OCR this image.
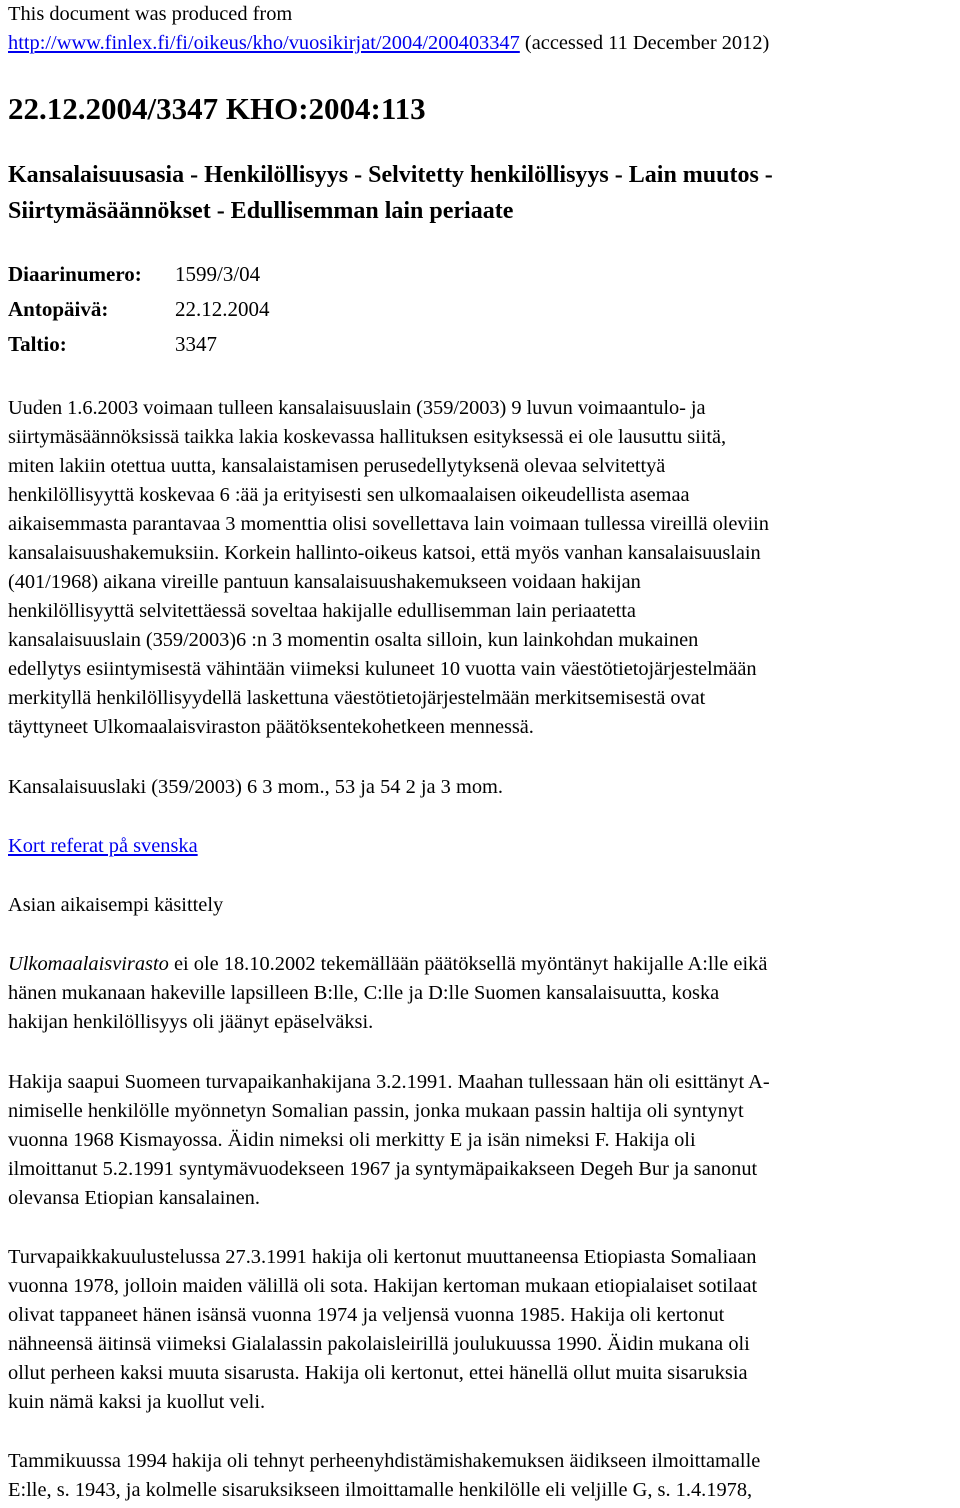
This document was produced from
http://www.finlex.fi/fi/oikeus/kho/vuosikirjat/2004/200403347 (accessed 11 December 2012)
22.12.2004/3347 KHO:2004:113
Kansalaisuusasia - Henkilöllisyys - Selvitetty henkilöllisyys - Lain muutos - Siirtymäsäännökset - Edullisemman lain periaate
Diaarinumero:	1599/3/04
Antopäivä:	22.12.2004
Taltio:	3347
Uuden 1.6.2003 voimaan tulleen kansalaisuuslain (359/2003) 9 luvun voimaantulo- ja
siirtymäsäännöksissä taikka lakia koskevassa hallituksen esityksessä ei ole lausuttu siitä,
miten lakiin otettua uutta, kansalaistamisen perusedellytyksenä olevaa selvitettyä
henkilöllisyyttä koskevaa 6 :ää ja erityisesti sen ulkomaalaisen oikeudellista asemaa
aikaisemmasta parantavaa 3 momenttia olisi sovellettava lain voimaan tullessa vireillä oleviin
kansalaisuushakemuksiin. Korkein hallinto-oikeus katsoi, että myös vanhan kansalaisuuslain
(401/1968) aikana vireille pantuun kansalaisuushakemukseen voidaan hakijan
henkilöllisyyttä selvitettäessä soveltaa hakijalle edullisemman lain periaatetta
kansalaisuuslain (359/2003)6 :n 3 momentin osalta silloin, kun lainkohdan mukainen
edellytys esiintymisestä vähintään viimeksi kuluneet 10 vuotta vain väestötietojärjestelmään
merkityllä henkilöllisyydellä laskettuna väestötietojärjestelmään merkitsemisestä ovat
täyttyneet Ulkomaalaisviraston päätöksentekohetkeen mennessä.
Kansalaisuuslaki (359/2003) 6 3 mom., 53 ja 54 2 ja 3 mom.
Kort referat på svenska
Asian aikaisempi käsittely
Ulkomaalaisvirasto ei ole 18.10.2002 tekemällään päätöksellä myöntänyt hakijalle A:lle eikä
hänen mukanaan hakeville lapsilleen B:lle, C:lle ja D:lle Suomen kansalaisuutta, koska
hakijan henkilöllisyys oli jäänyt epäselväksi.
Hakija saapui Suomeen turvapaikanhakijana 3.2.1991. Maahan tullessaan hän oli esittänyt A-
nimiselle henkilölle myönnetyn Somalian passin, jonka mukaan passin haltija oli syntynyt
vuonna 1968 Kismayossa. Äidin nimeksi oli merkitty E ja isän nimeksi F. Hakija oli
ilmoittanut 5.2.1991 syntymävuodekseen 1967 ja syntymäpaikakseen Degeh Bur ja sanonut
olevansa Etiopian kansalainen.
Turvapaikkakuulustelussa 27.3.1991 hakija oli kertonut muuttaneensa Etiopiasta Somaliaan
vuonna 1978, jolloin maiden välillä oli sota. Hakijan kertoman mukaan etiopialaiset sotilaat
olivat tappaneet hänen isänsä vuonna 1974 ja veljensä vuonna 1985. Hakija oli kertonut
nähneensä äitinsä viimeksi Gialalassin pakolaisleirillä joulukuussa 1990. Äidin mukana oli
ollut perheen kaksi muuta sisarusta. Hakija oli kertonut, ettei hänellä ollut muita sisaruksia
kuin nämä kaksi ja kuollut veli.
Tammikuussa 1994 hakija oli tehnyt perheenyhdistämishakemuksen äidikseen ilmoittamalle
E:lle, s. 1943, ja kolmelle sisaruksikseen ilmoittamalle henkilölle eli veljille G, s. 1.4.1978,
